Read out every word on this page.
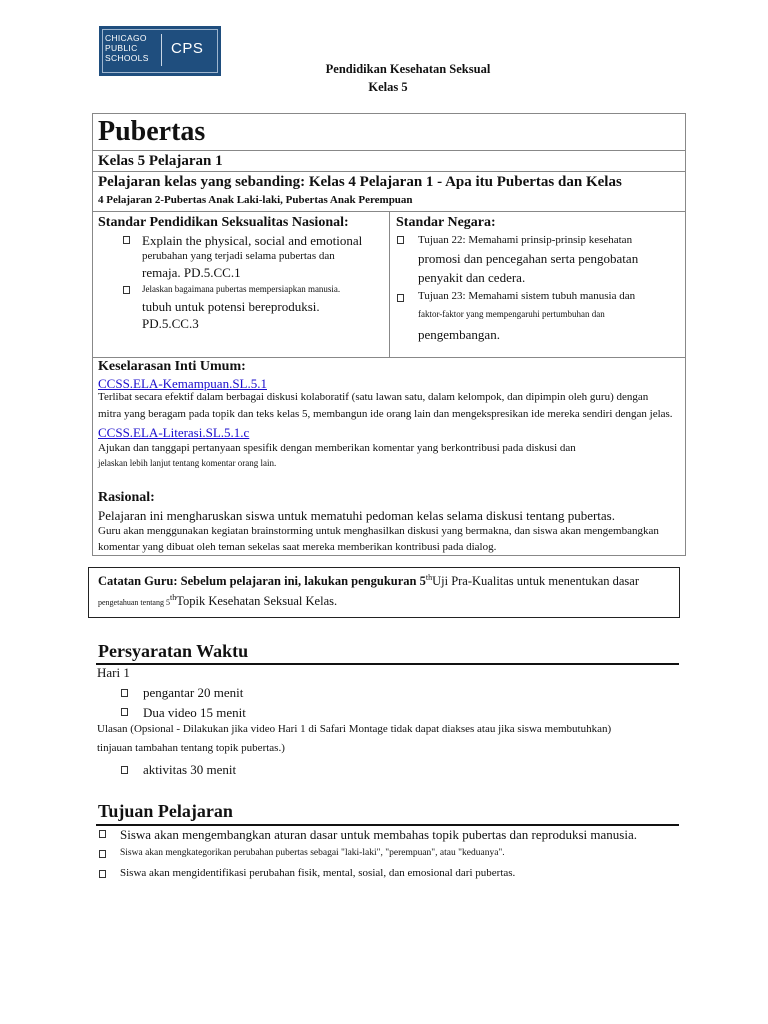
CHICAGO
PUBLIC
SCHOOLS
CPS
Pendidikan Kesehatan Seksual
Kelas 5
Pubertas
Kelas 5 Pelajaran 1
Pelajaran kelas yang sebanding: Kelas 4 Pelajaran 1 - Apa itu Pubertas dan Kelas
4 Pelajaran 2-Pubertas Anak Laki-laki, Pubertas Anak Perempuan
Standar Pendidikan Seksualitas Nasional:
Explain the physical, social and emotional
perubahan yang terjadi selama pubertas dan
remaja. PD.5.CC.1
Jelaskan bagaimana pubertas mempersiapkan manusia.
tubuh untuk potensi bereproduksi.
PD.5.CC.3
Standar Negara:
Tujuan 22: Memahami prinsip-prinsip kesehatan
promosi dan pencegahan serta pengobatan
penyakit dan cedera.
Tujuan 23: Memahami sistem tubuh manusia dan
faktor-faktor yang mempengaruhi pertumbuhan dan
pengembangan.
Keselarasan Inti Umum:
CCSS.ELA-Kemampuan.SL.5.1
Terlibat secara efektif dalam berbagai diskusi kolaboratif (satu lawan satu, dalam kelompok, dan dipimpin oleh guru) dengan
mitra yang beragam pada topik dan teks kelas 5, membangun ide orang lain dan mengekspresikan ide mereka sendiri dengan jelas.
CCSS.ELA-Literasi.SL.5.1.c
Ajukan dan tanggapi pertanyaan spesifik dengan memberikan komentar yang berkontribusi pada diskusi dan
jelaskan lebih lanjut tentang komentar orang lain.
Rasional:
Pelajaran ini mengharuskan siswa untuk mematuhi pedoman kelas selama diskusi tentang pubertas.
Guru akan menggunakan kegiatan brainstorming untuk menghasilkan diskusi yang bermakna, dan siswa akan mengembangkan
komentar yang dibuat oleh teman sekelas saat mereka memberikan kontribusi pada dialog.
Catatan Guru: Sebelum pelajaran ini, lakukan pengukuran 5thUji Pra-Kualitas untuk menentukan dasar
pengetahuan tentang 5thTopik Kesehatan Seksual Kelas.
Persyaratan Waktu
Hari 1
pengantar 20 menit
Dua video 15 menit
Ulasan (Opsional - Dilakukan jika video Hari 1 di Safari Montage tidak dapat diakses atau jika siswa membutuhkan)
tinjauan tambahan tentang topik pubertas.)
aktivitas 30 menit
Tujuan Pelajaran
Siswa akan mengembangkan aturan dasar untuk membahas topik pubertas dan reproduksi manusia.
Siswa akan mengkategorikan perubahan pubertas sebagai "laki-laki", "perempuan", atau "keduanya".
Siswa akan mengidentifikasi perubahan fisik, mental, sosial, dan emosional dari pubertas.
